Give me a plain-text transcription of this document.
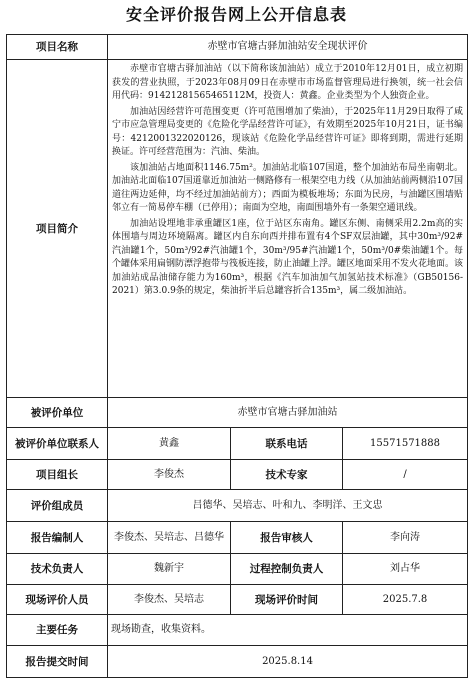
安全评价报告网上公开信息表
项目名称	赤壁市官塘古驿加油站安全现状评价		
项目简介	赤壁市官塘古驿加油站（以下简称该加油站）成立于2010年12月01日，成立初期获发的营业执照，于2023年08月09日在赤壁市市场监督管理局进行换领，统一社会信用代码：91421281565465112M，投资人：黄鑫。企业类型为个人独资企业。

加油站因经营许可范围变更（许可范围增加了柴油），于2025年11月29日取得了咸宁市应急管理局变更的《危险化学品经营许可证》，有效期至2025年10月21日，证书编号：4212001322020126，现该站《危险化学品经营许可证》即将到期，需进行延期换证。许可经营范围为：汽油、柴油。

该加油站占地面积1146.75m²。加油站北临107国道，整个加油站布局坐南朝北。加油站北面临107国道靠近加油站一侧路修有一根架空电力线（从加油站前两侧沿107国道往两边延伸，均不经过加油站前方）；西面为模板堆场；东面为民房，与油罐区围墙贴邻立有一简易停车棚（已停用）；南面为空地，南面围墙外有一条架空通讯线。

加油站设埋地非承重罐区1座，位于站区东南角。罐区东侧、南侧采用2.2m高的实体围墙与周边环境隔离。罐区内自东向西并排布置有4个SF双层油罐，其中30m³/92#汽油罐1个，50m³/92#汽油罐1个，30m³/95#汽油罐1个，50m³/0#柴油罐1个。每个罐体采用扁钢防漂浮抱带与筏板连接，防止油罐上浮。罐区地面采用不发火花地面。该加油站成品油储存能力为160m³，根据《汽车加油加气加氢站技术标准》（GB50156-2021）第3.0.9条的规定，柴油折半后总罐容折合135m³，属二级加油站。		

被评价单位	赤壁市官塘古驿加油站		
被评价单位联系人	黄鑫	联系电话	15571571888
项目组长	李俊杰	技术专家	/
评价组成员	吕德华、吴培志、叶和九、李明洋、王文忠		
报告编制人	李俊杰、吴培志、吕德华	报告审核人	李向涛
技术负责人	魏新宇	过程控制负责人	刘占华
现场评价人员	李俊杰、吴培志	现场评价时间	2025.7.8
主要任务	现场勘查，收集资料。		
报告提交时间	2025.8.14		
